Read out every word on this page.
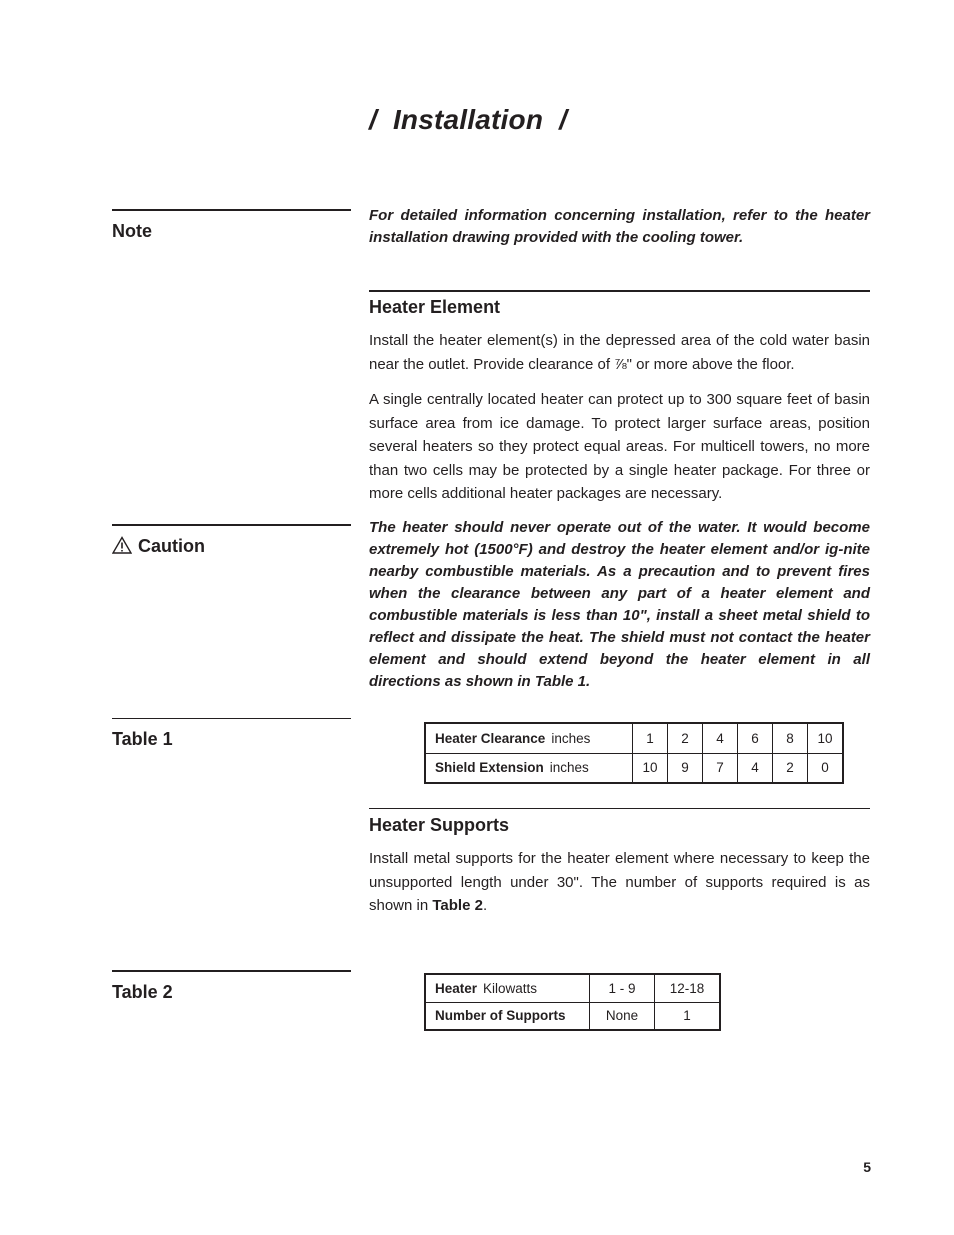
/ Installation /
Note

For detailed information concerning installation, refer to the heater installation drawing provided with the cooling tower.

Heater Element

Install the heater element(s) in the depressed area of the cold water basin near the outlet. Provide clearance of ⅞" or more above the floor.

A single centrally located heater can protect up to 300 square feet of basin surface area from ice damage. To protect larger surface areas, position several heaters so they protect equal areas. For multicell towers, no more than two cells may be protected by a single heater package. For three or more cells additional heater packages are necessary.

Caution

The heater should never operate out of the water. It would become extremely hot (1500°F) and destroy the heater element and/or ig-nite nearby combustible materials. As a precaution and to prevent fires when the clearance between any part of a heater element and combustible materials is less than 10", install a sheet metal shield to reflect and dissipate the heat. The shield must not contact the heater element and should extend beyond the heater element in all directions as shown in Table 1.

Table 1	Heater Clearance inches	1	2	4	6	8	10
Shield Extension inches	10	9	7	4	2	0
Heater Supports

Install metal supports for the heater element where necessary to keep the unsupported length under 30". The number of supports required is as shown in Table 2.

Table 2	Heater Kilowatts	1 - 9	12-18
Number of Supports	None	1
5
